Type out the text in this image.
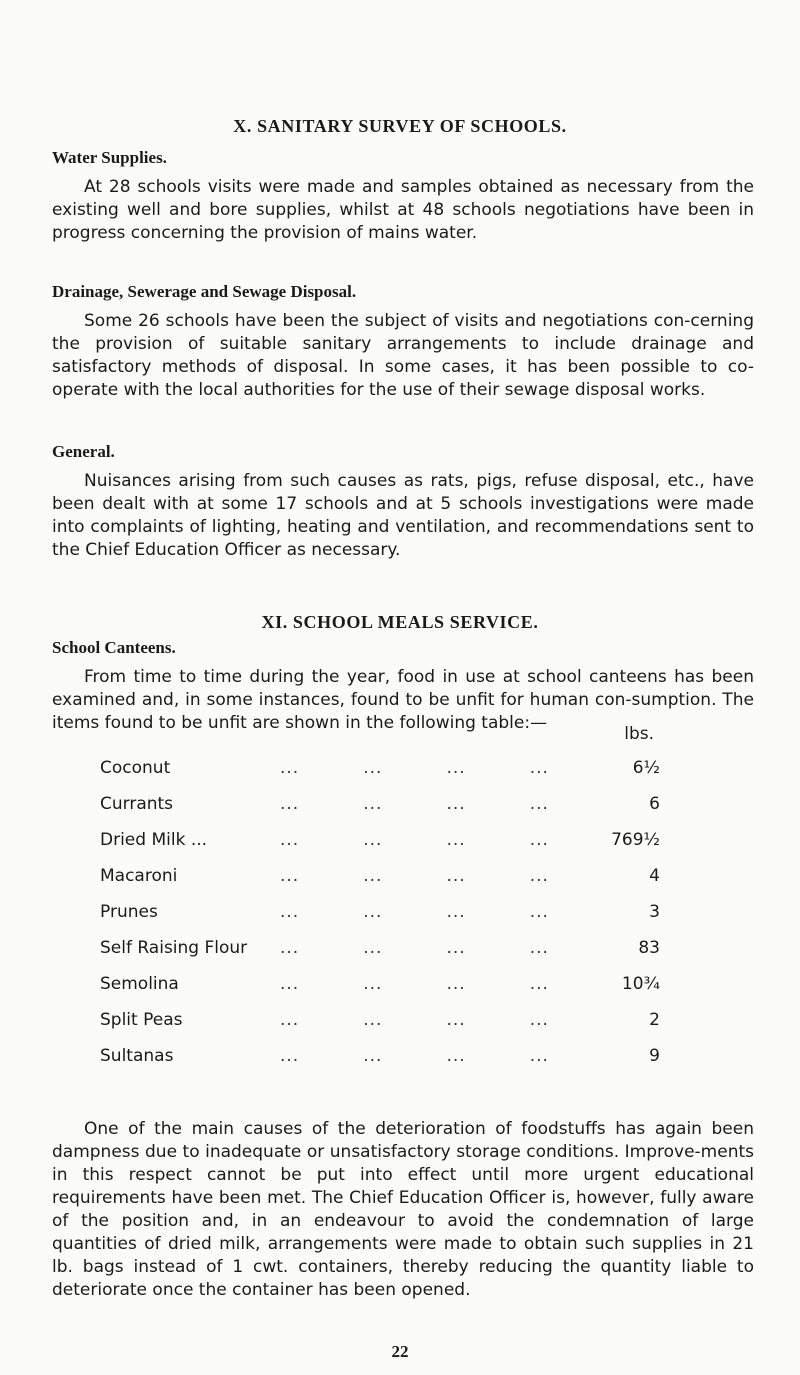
X. SANITARY SURVEY OF SCHOOLS.
Water Supplies.
At 28 schools visits were made and samples obtained as necessary from the existing well and bore supplies, whilst at 48 schools negotiations have been in progress concerning the provision of mains water.
Drainage, Sewerage and Sewage Disposal.
Some 26 schools have been the subject of visits and negotiations con-cerning the provision of suitable sanitary arrangements to include drainage and satisfactory methods of disposal. In some cases, it has been possible to co-operate with the local authorities for the use of their sewage disposal works.
General.
Nuisances arising from such causes as rats, pigs, refuse disposal, etc., have been dealt with at some 17 schools and at 5 schools investigations were made into complaints of lighting, heating and ventilation, and recommendations sent to the Chief Education Officer as necessary.
XI. SCHOOL MEALS SERVICE.
School Canteens.
From time to time during the year, food in use at school canteens has been examined and, in some instances, found to be unfit for human con-sumption. The items found to be unfit are shown in the following table:—
lbs.
Coconut	...          ...          ...          ...	6½
Currants	...          ...          ...          ...	6
Dried Milk ...	...          ...          ...          ...	769½
Macaroni	...          ...          ...          ...	4
Prunes	...          ...          ...          ...	3
Self Raising Flour ...          ...          ...          ...	83
Semolina	...          ...          ...          ...	10¾
Split Peas	...          ...          ...          ...	2
Sultanas	...          ...          ...          ...	9
One of the main causes of the deterioration of foodstuffs has again been dampness due to inadequate or unsatisfactory storage conditions. Improve-ments in this respect cannot be put into effect until more urgent educational requirements have been met. The Chief Education Officer is, however, fully aware of the position and, in an endeavour to avoid the condemnation of large quantities of dried milk, arrangements were made to obtain such supplies in 21 lb. bags instead of 1 cwt. containers, thereby reducing the quantity liable to deteriorate once the container has been opened.
22
